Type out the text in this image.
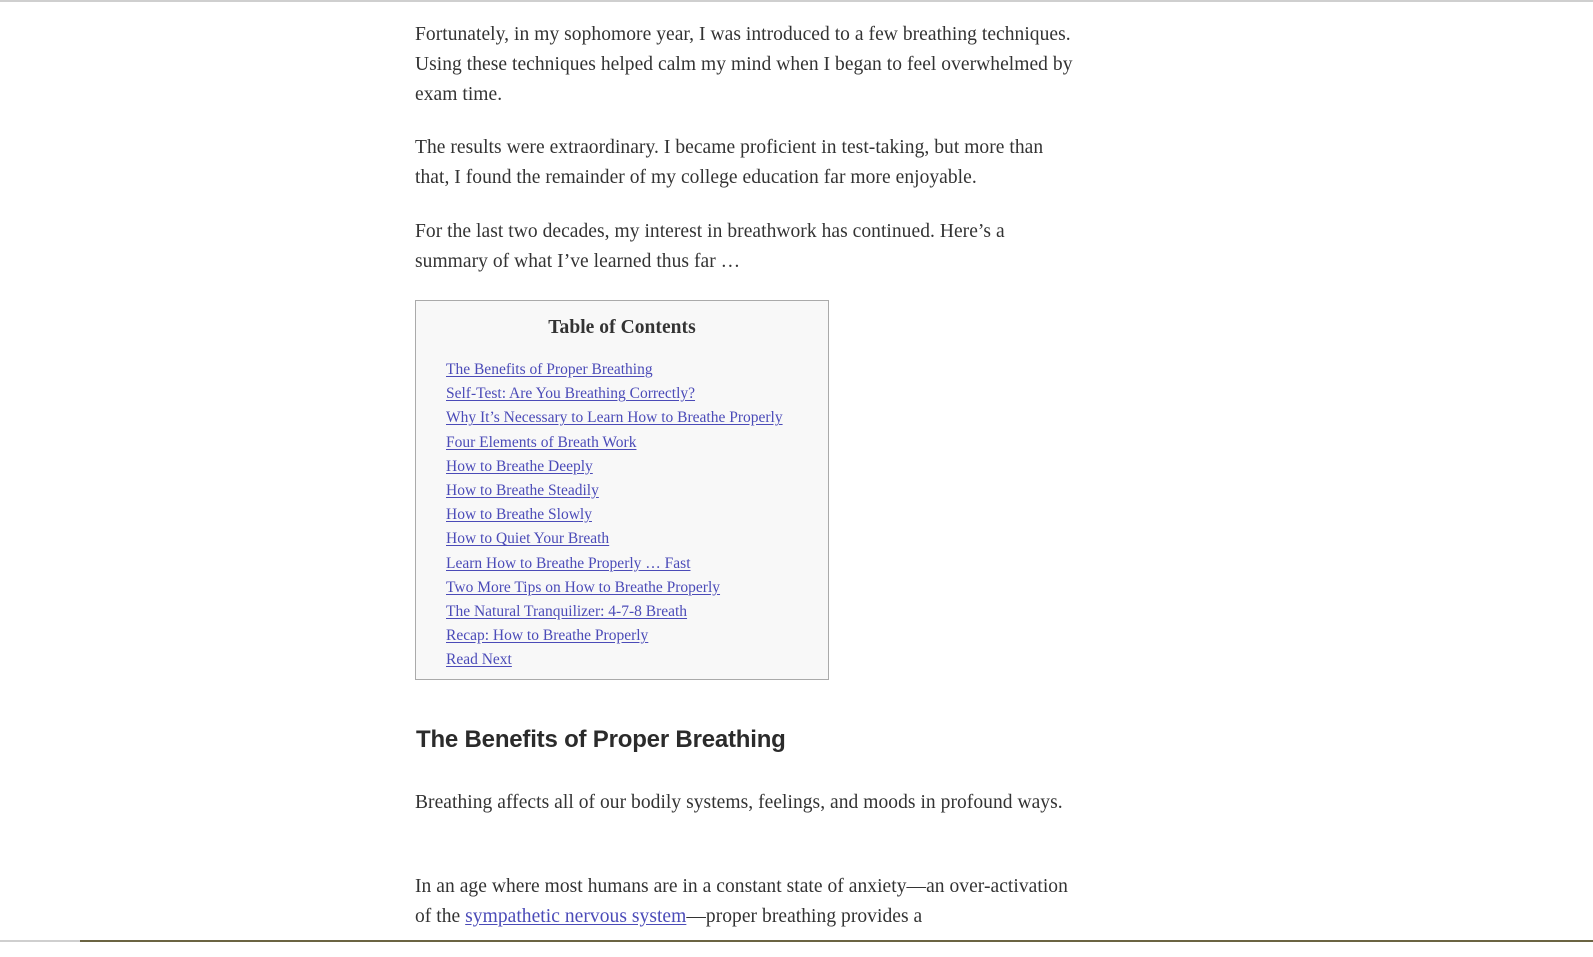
Fortunately, in my sophomore year, I was introduced to a few breathing techniques. Using these techniques helped calm my mind when I began to feel overwhelmed by exam time.

The results were extraordinary. I became proficient in test-taking, but more than that, I found the remainder of my college education far more enjoyable.

For the last two decades, my interest in breathwork has continued. Here’s a summary of what I’ve learned thus far …

Table of Contents

The Benefits of Proper Breathing
Self-Test: Are You Breathing Correctly?
Why It’s Necessary to Learn How to Breathe Properly
Four Elements of Breath Work
How to Breathe Deeply
How to Breathe Steadily
How to Breathe Slowly
How to Quiet Your Breath
Learn How to Breathe Properly … Fast
Two More Tips on How to Breathe Properly
The Natural Tranquilizer: 4-7-8 Breath
Recap: How to Breathe Properly
Read Next
The Benefits of Proper Breathing

Breathing affects all of our bodily systems, feelings, and moods in profound ways.

In an age where most humans are in a constant state of anxiety—an over-activation of the sympathetic nervous system—proper breathing provides a
